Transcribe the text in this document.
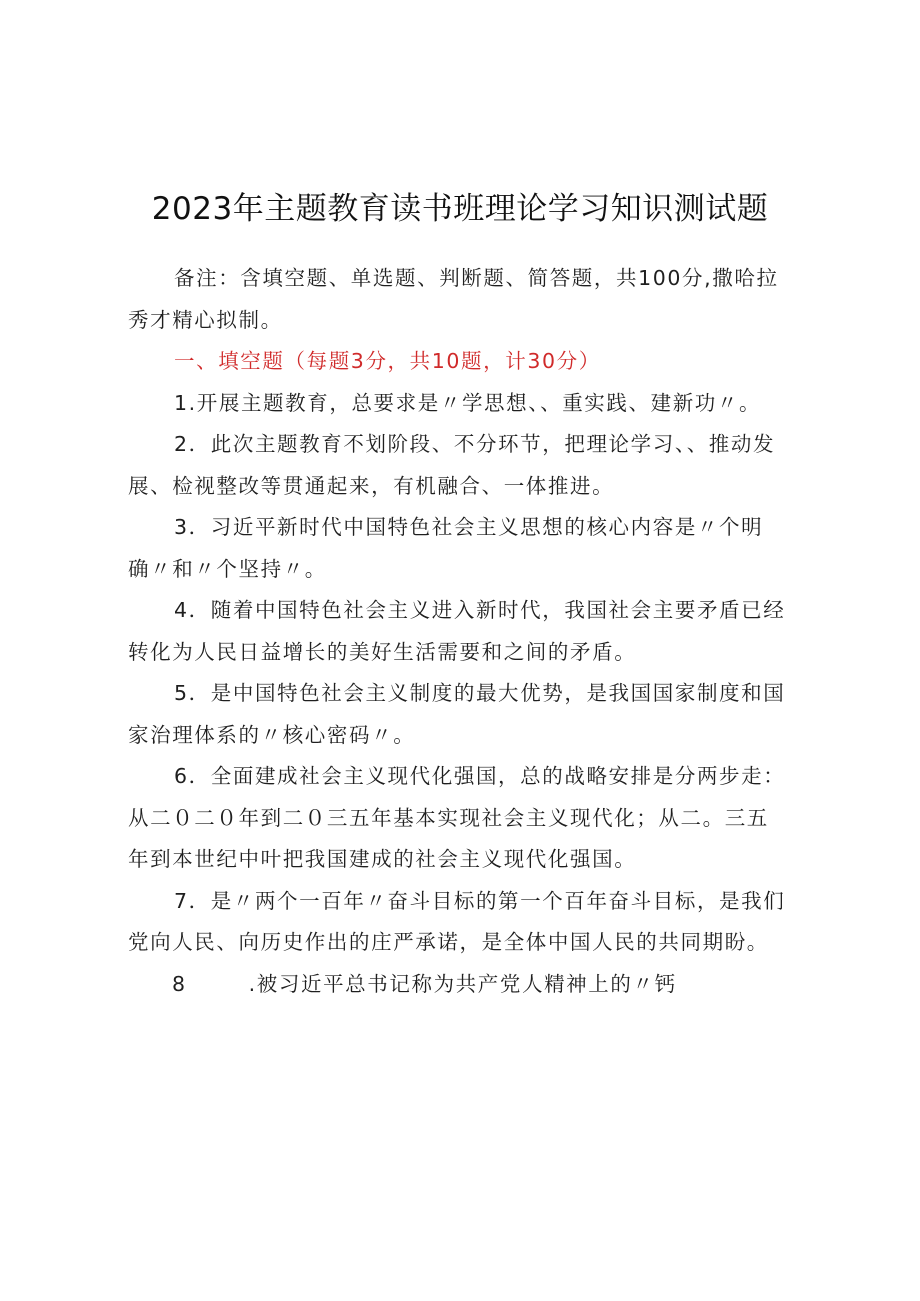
2023年主题教育读书班理论学习知识测试题

备注：含填空题、单选题、判断题、简答题，共100分,撒哈拉
秀才精心拟制。

一、填空题（每题3分，共10题，计30分）

1.开展主题教育，总要求是〃学思想、、重实践、建新功〃。

2．此次主题教育不划阶段、不分环节，把理论学习、、推动发
展、检视整改等贯通起来，有机融合、一体推进。

3．习近平新时代中国特色社会主义思想的核心内容是〃个明
确〃和〃个坚持〃。

4．随着中国特色社会主义进入新时代，我国社会主要矛盾已经
转化为人民日益增长的美好生活需要和之间的矛盾。

5．是中国特色社会主义制度的最大优势，是我国国家制度和国
家治理体系的〃核心密码〃。

6．全面建成社会主义现代化强国，总的战略安排是分两步走：
从二０二０年到二０三五年基本实现社会主义现代化；从二。三五
年到本世纪中叶把我国建成的社会主义现代化强国。

7．是〃两个一百年〃奋斗目标的第一个百年奋斗目标，是我们
党向人民、向历史作出的庄严承诺，是全体中国人民的共同期盼。

8	.被习近平总书记称为共产党人精神上的〃钙
